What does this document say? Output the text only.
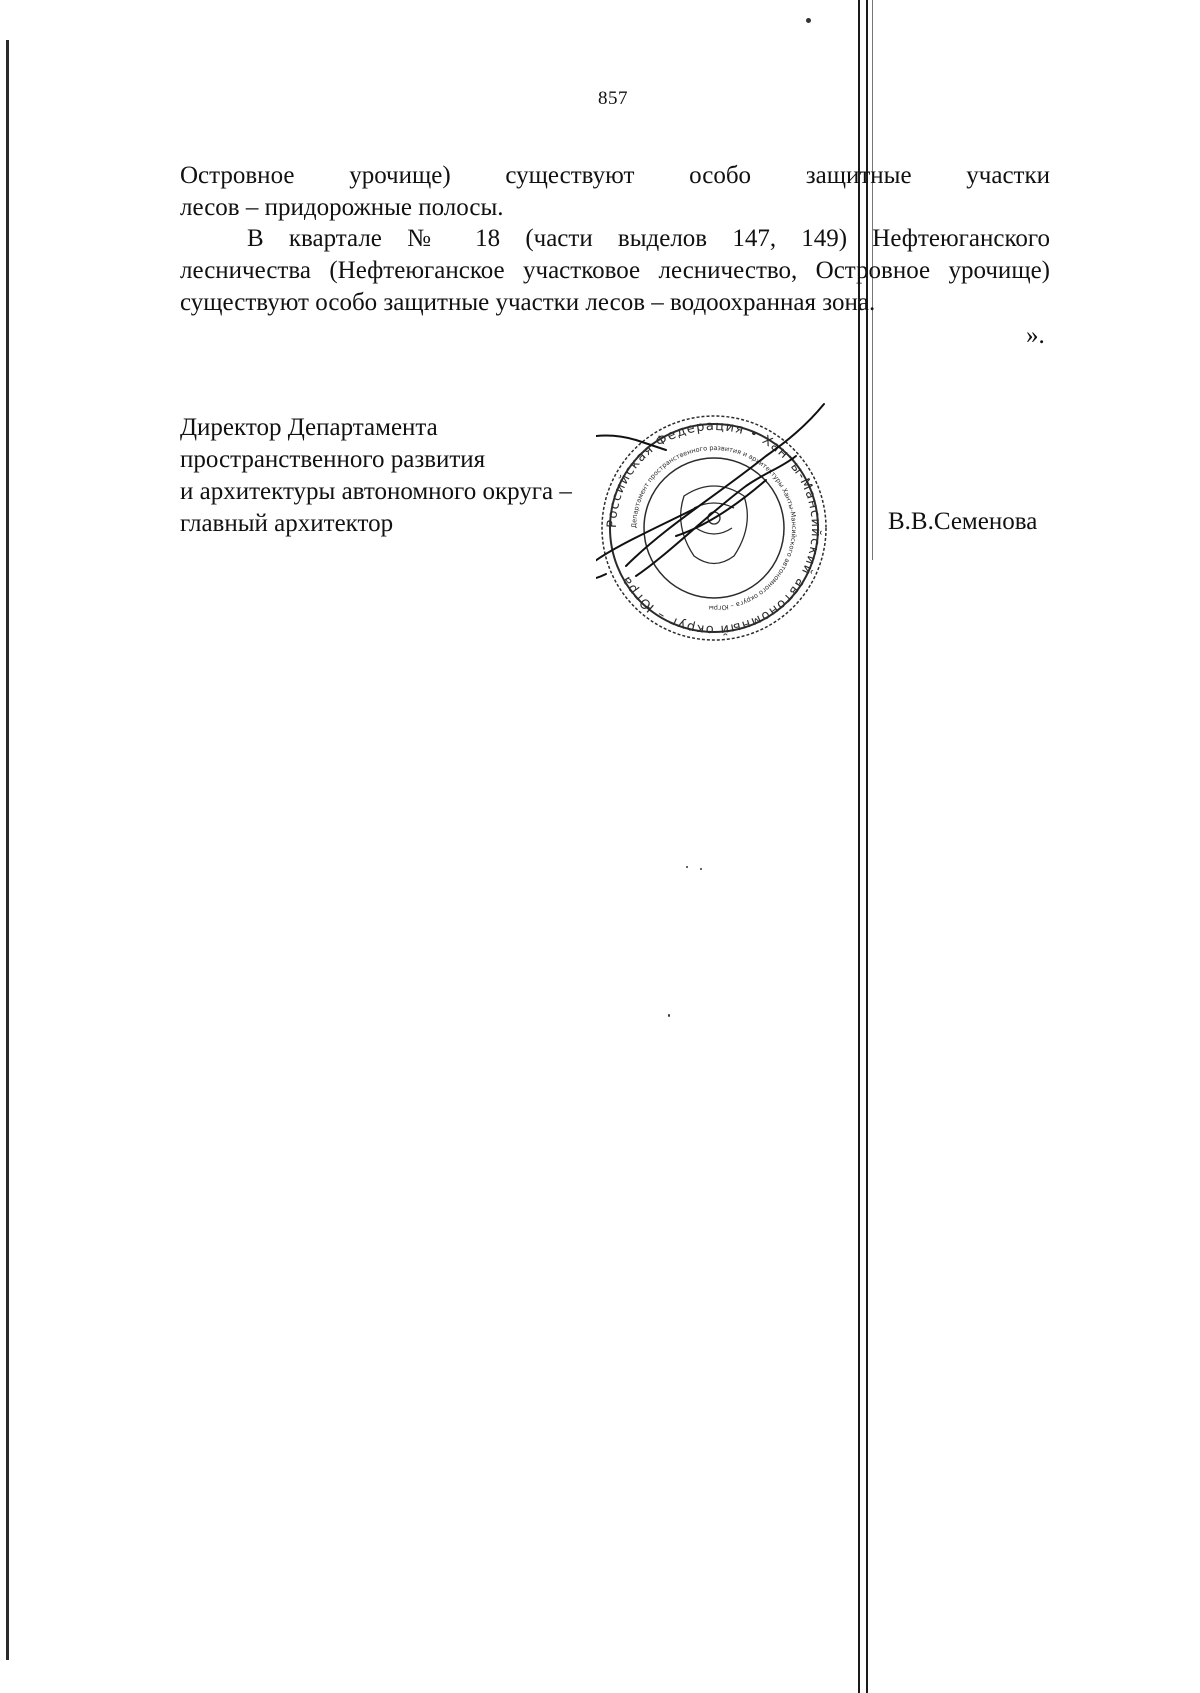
857
Островное урочище) существуют особо защитные участки
лесов – придорожные полосы.
В квартале № 18 (части выделов 147, 149) Нефтеюганского
лесничества (Нефтеюганское участковое лесничество, Островное урочище)
существуют особо защитные участки лесов – водоохранная зона.
».
Директор Департамента
пространственного развития
и архитектуры автономного округа –
главный архитектор	В.В.Семенова
Российская Федерация • Ханты-Мансийский автономный округ – Югра
Департамент пространственного развития и архитектуры Ханты-Мансийского автономного округа – Югры
